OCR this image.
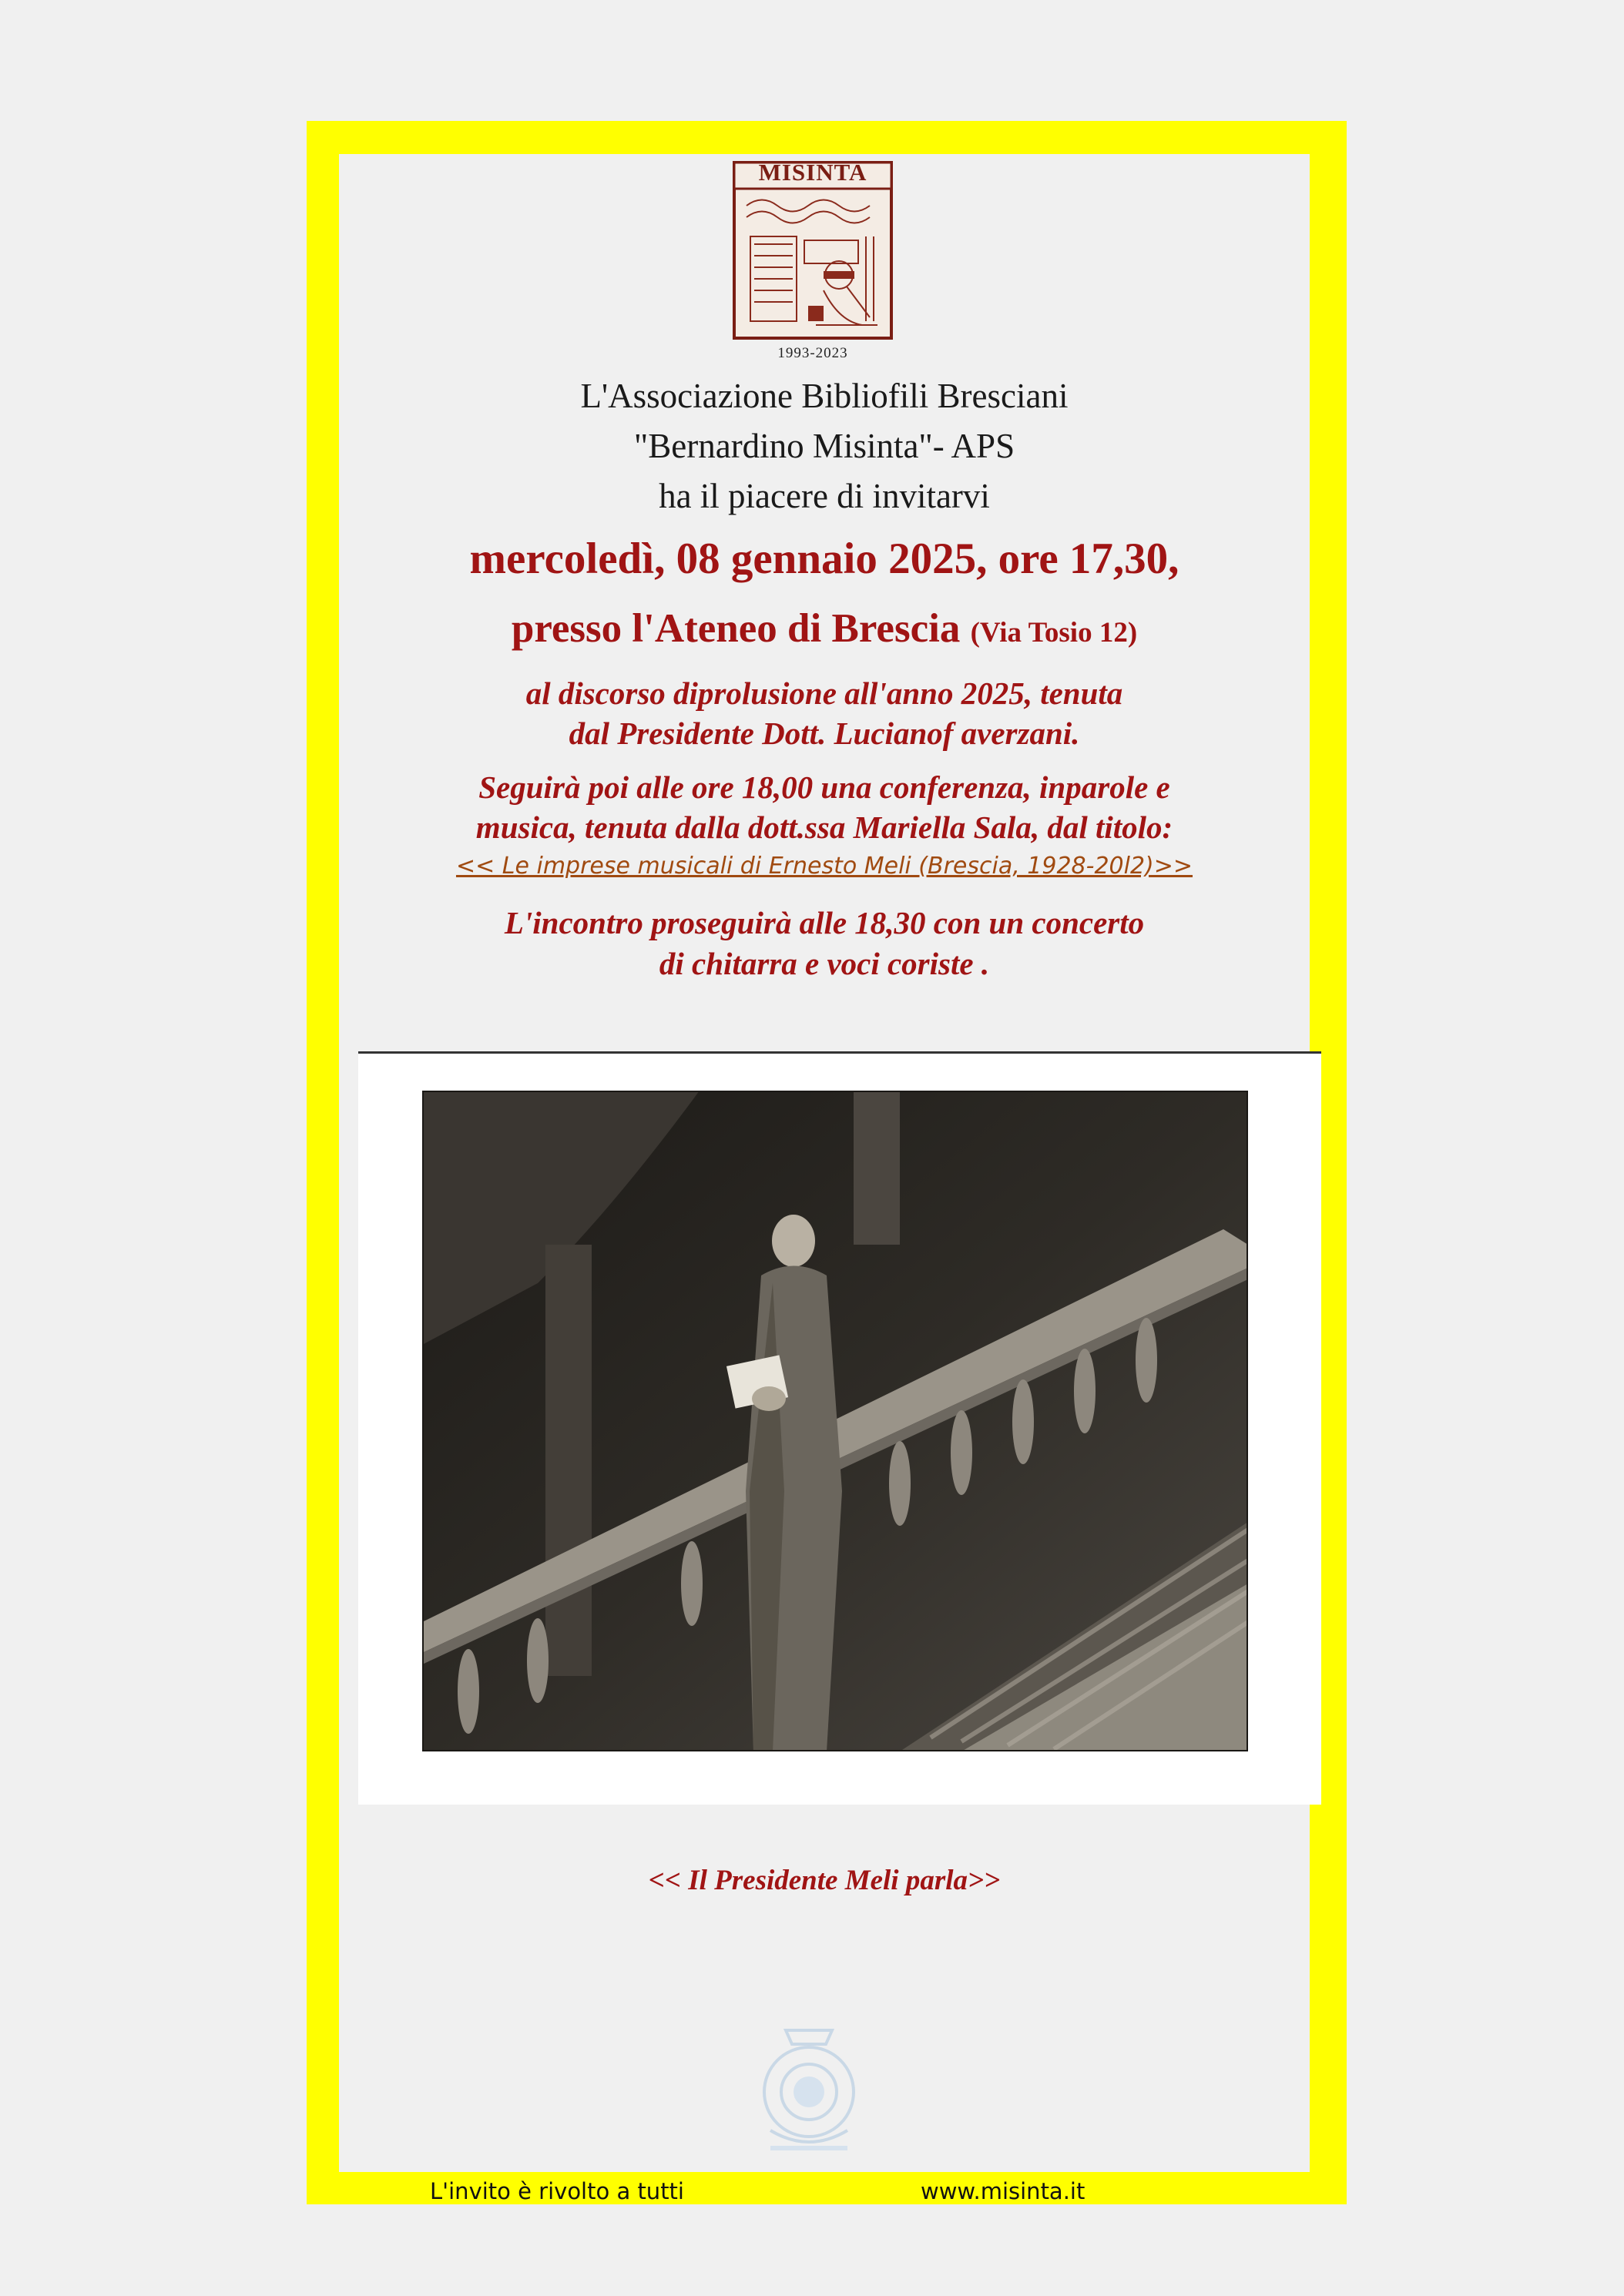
MISINTA
1993-2023
L'Associazione Bibliofili Bresciani
"Bernardino Misinta"- APS
ha il piacere di invitarvi
mercoledì, 08 gennaio 2025, ore 17,30,
presso l'Ateneo di Brescia (Via Tosio 12)
al discorso diprolusione all'anno 2025, tenuta
dal Presidente Dott. Lucianof averzani.
Seguirà poi alle ore 18,00 una conferenza, inparole e
musica, tenuta dalla dott.ssa Mariella Sala, dal titolo:
<< Le imprese musicali di Ernesto Meli (Brescia, 1928-20l2)>>
L'incontro proseguirà alle 18,30 con un concerto
di chitarra e voci coriste .
<< Il Presidente Meli parla>>
L'invito è rivolto a tutti	www.misinta.it
